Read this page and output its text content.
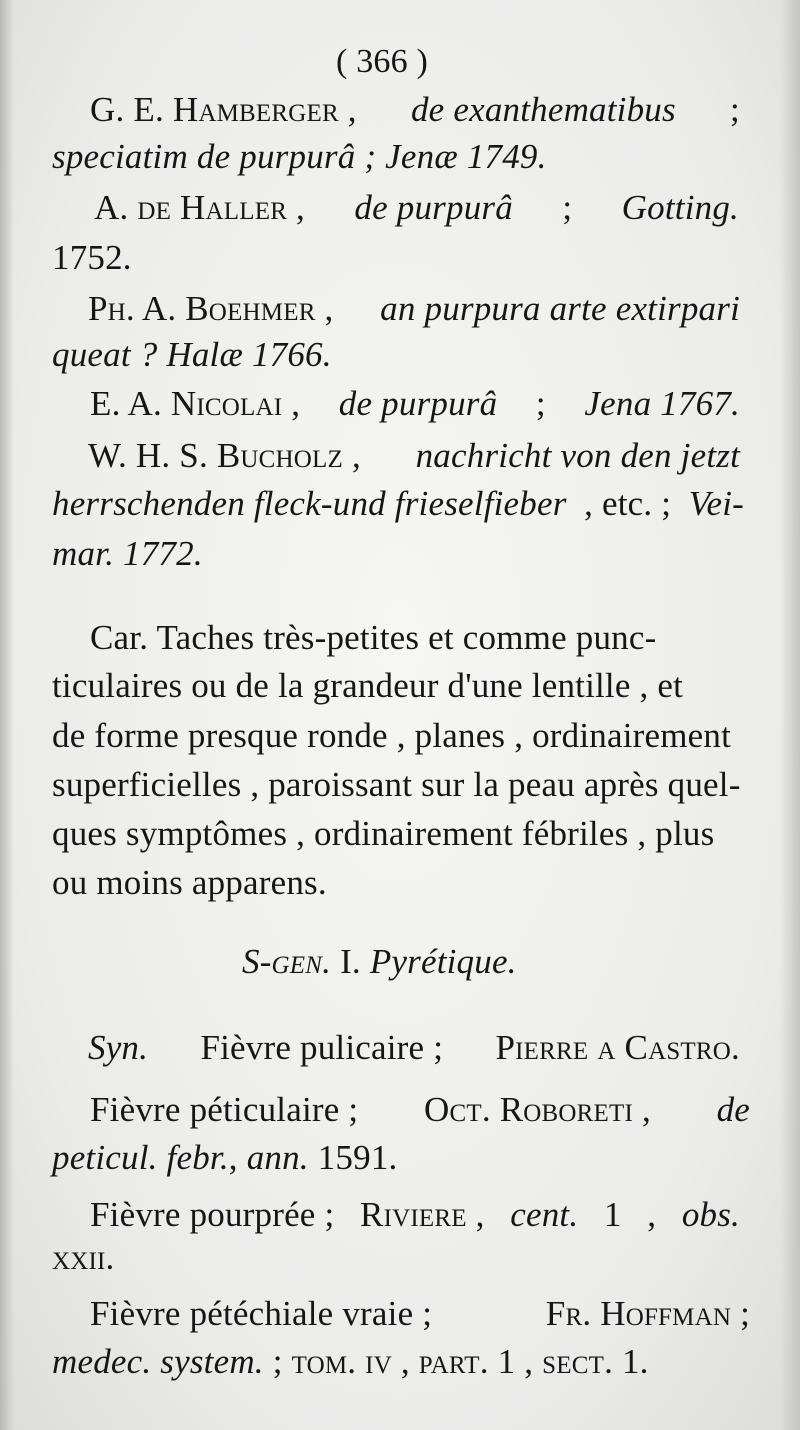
( 366 )
G. E. Hamberger , de exanthematibus ;
speciatim de purpurâ ; Jenæ 1749.
A. de Haller , de purpurâ ; Gotting.
1752.
Ph. A. Boehmer , an purpura arte extirpari
queat ? Halæ 1766.
E. A. Nicolai , de purpurâ ; Jena 1767.
W. H. S. Bucholz , nachricht von den jetzt
herrschenden fleck-und frieselfieber , etc. ; Vei-
mar. 1772.
Car. Taches très-petites et comme punc-
ticulaires ou de la grandeur d'une lentille , et
de forme presque ronde , planes , ordinairement
superficielles , paroissant sur la peau après quel-
ques symptômes , ordinairement fébriles , plus
ou moins apparens.
S-gen. I. Pyrétique.
Syn. Fièvre pulicaire ; Pierre a Castro.
Fièvre péticulaire ; Oct. Roboreti , de
peticul. febr., ann. 1591.
Fièvre pourprée ; Riviere , cent. 1 , obs.
xxii.
Fièvre pétéchiale vraie ;	Fr. Hoffman ;
medec. system. ; tom. iv , part. 1 , sect. 1.
